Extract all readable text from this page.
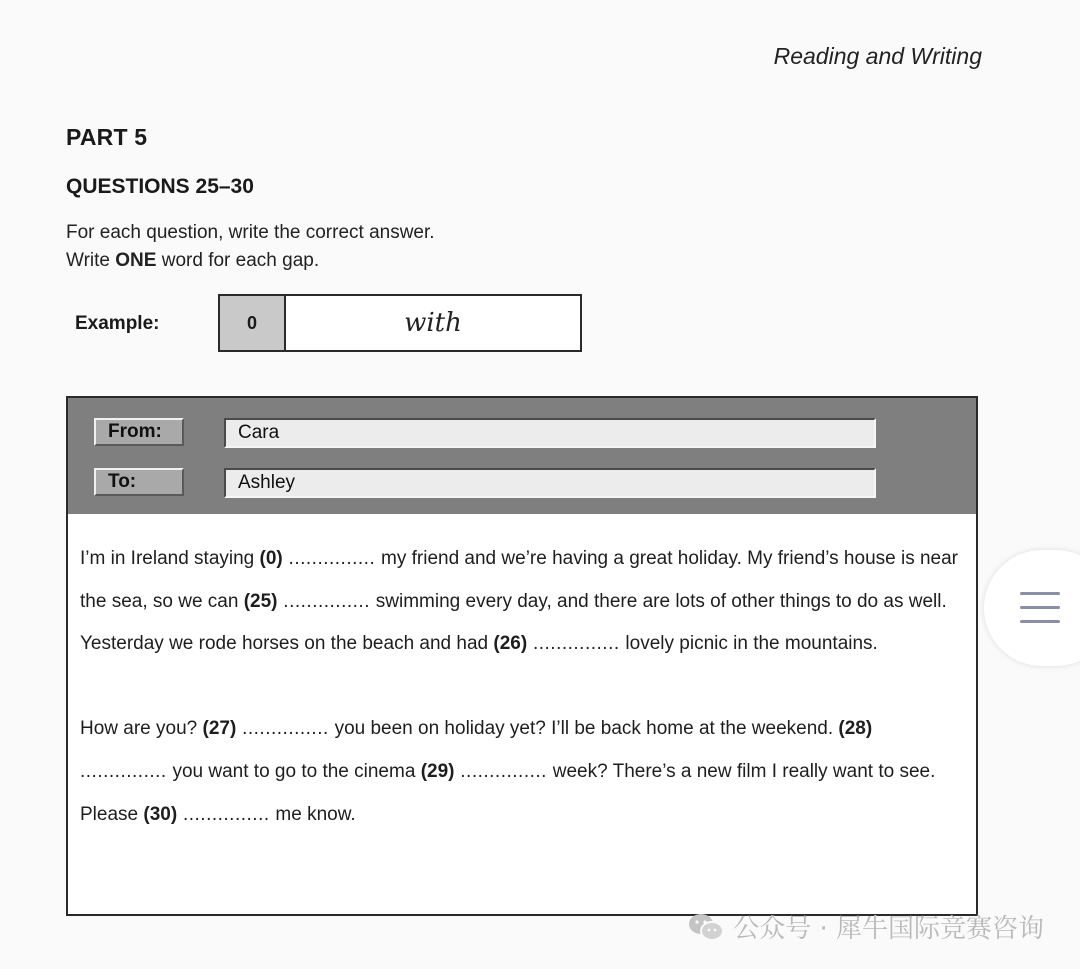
Reading and Writing
PART 5
QUESTIONS 25–30
For each question, write the correct answer.
Write ONE word for each gap.
Example:	0	with
From:	Cara
To:	Ashley

I’m in Ireland staying (0) ............... my friend and we’re having a great holiday. My friend’s house is near the sea, so we can (25) ............... swimming every day, and there are lots of other things to do as well. Yesterday we rode horses on the beach and had (26) ............... lovely picnic in the mountains.

How are you? (27) ............... you been on holiday yet? I’ll be back home at the weekend. (28) ............... you want to go to the cinema (29) ............... week? There’s a new film I really want to see. Please (30) ............... me know.

公众号 · 犀牛国际竞赛咨询
